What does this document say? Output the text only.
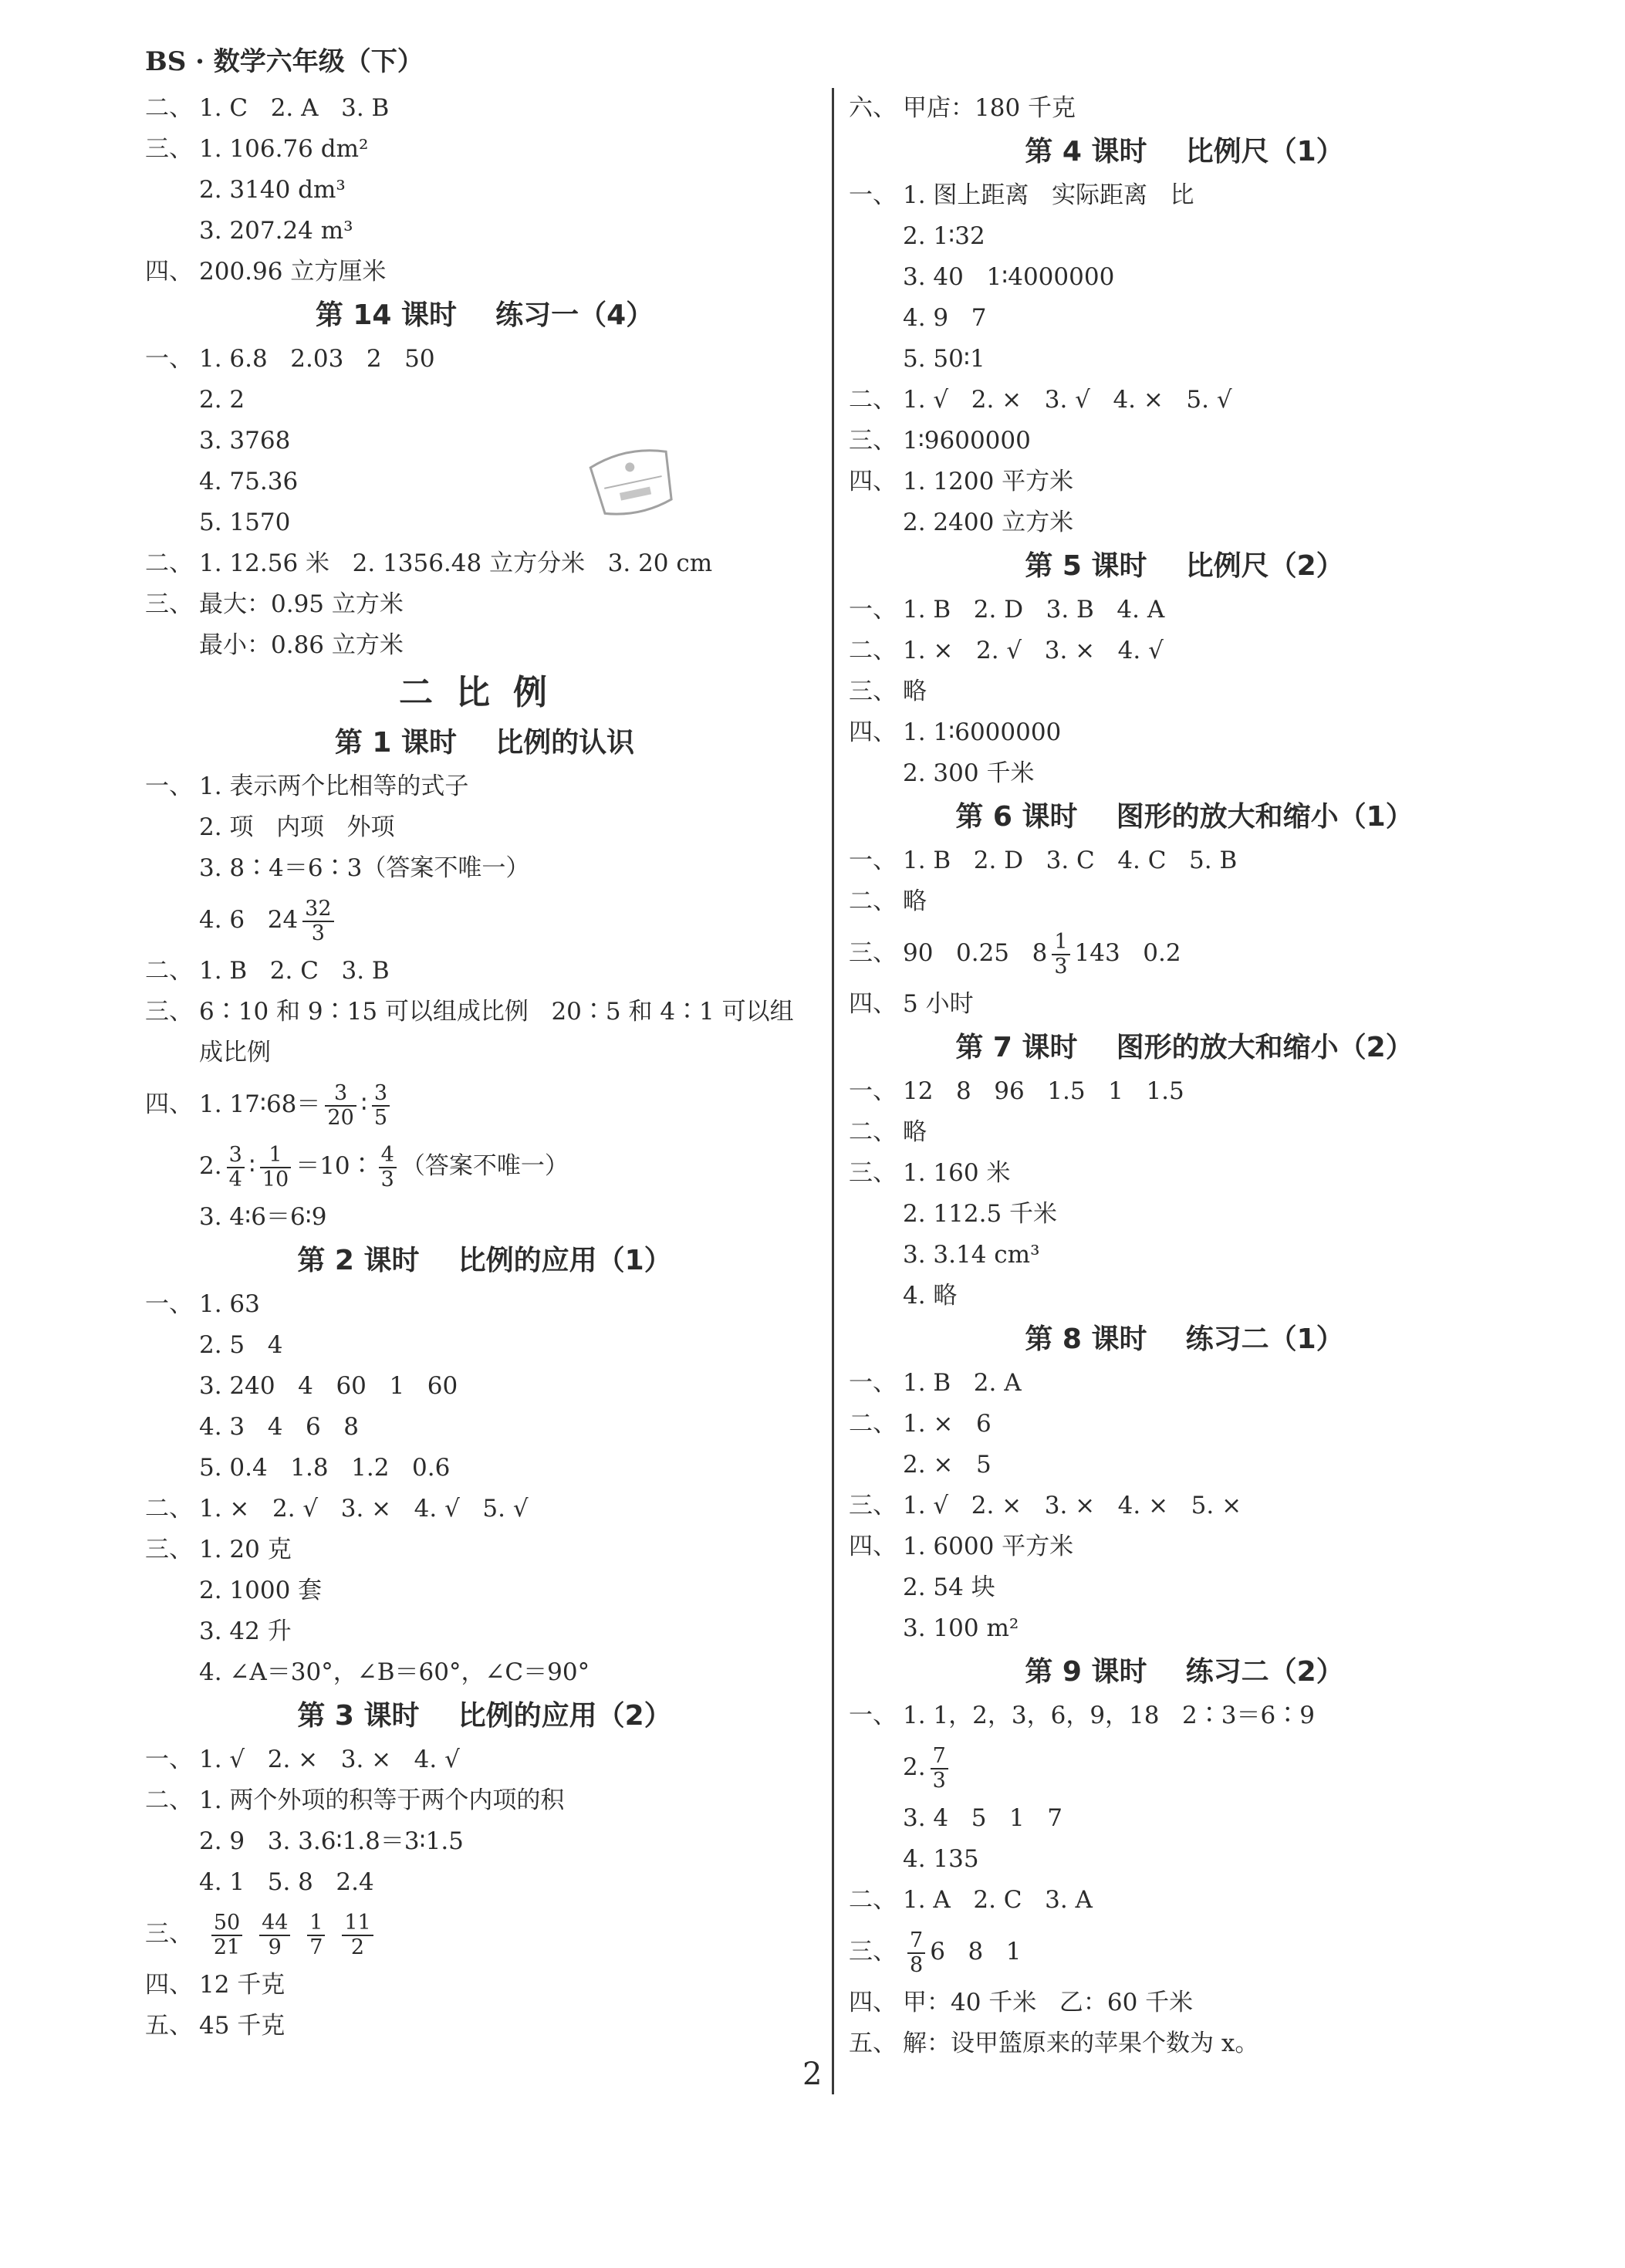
BS · 数学六年级（下）
二、 1. C   2. A   3. B
三、 1. 106.76 dm²
2. 3140 dm³
3. 207.24 m³
四、 200.96 立方厘米
第 14 课时    练习一（4）
一、 1. 6.8   2.03   2   50
2. 2
3. 3768
4. 75.36
5. 1570
二、 1. 12.56 米   2. 1356.48 立方分米   3. 20 cm
三、 最大：0.95 立方米
最小：0.86 立方米
二比例
第 1 课时    比例的认识
一、 1. 表示两个比相等的式子
2. 项   内项   外项
3. 8∶4＝6∶3（答案不唯一）
4. 6   $24 \frac{32}{3}$
二、 1. B   2. C   3. B
三、 6∶10 和 9∶15 可以组成比例   20∶5 和 4∶1 可以组
成比例
四、 1. 17∶68＝ $\frac{3}{20}$ ∶ $\frac{3}{5}$
2. $\frac{3}{4}$ ∶ $\frac{1}{10}$ ＝10∶ $\frac{4}{3}$ （答案不唯一）
3. 4∶6＝6∶9
第 2 课时    比例的应用（1）
一、 1. 63
2. 5   4
3. 240   4   60   1   60
4. 3   4   6   8
5. 0.4   1.8   1.2   0.6
二、 1. ×   2. √   3. ×   4. √   5. √
三、 1. 20 克
2. 1000 套
3. 42 升
4. ∠A＝30°，∠B＝60°，∠C＝90°
第 3 课时    比例的应用（2）
一、 1. √   2. ×   3. ×   4. √
二、 1. 两个外项的积等于两个内项的积
2. 9   3. 3.6∶1.8＝3∶1.5
4. 1   5. 8   2.4
三、 $\frac{50}{21}$
$\frac{44}{9}$
$\frac{1}{7}$
$\frac{11}{2}$
四、 12 千克
五、 45 千克
六、 甲店：180 千克
第 4 课时    比例尺（1）
一、 1. 图上距离   实际距离   比
2. 1∶32
3. 40   1∶4000000
4. 9   7
5. 50∶1
二、 1. √   2. ×   3. √   4. ×   5. √
三、 1∶9600000
四、 1. 1200 平方米
2. 2400 立方米
第 5 课时    比例尺（2）
一、 1. B   2. D   3. B   4. A
二、 1. ×   2. √   3. ×   4. √
三、 略
四、 1. 1∶6000000
2. 300 千米
第 6 课时    图形的放大和缩小（1）
一、 1. B   2. D   3. C   4. C   5. B
二、 略
三、 90   0.25   $8 \frac{1}{3} 143$   0.2
四、 5 小时
第 7 课时    图形的放大和缩小（2）
一、 12   8   96   1.5   1   1.5
二、 略
三、 1. 160 米
2. 112.5 千米
3. 3.14 cm³
4. 略
第 8 课时    练习二（1）
一、 1. B   2. A
二、 1. ×   6
2. ×   5
三、 1. √   2. ×   3. ×   4. ×   5. ×
四、 1. 6000 平方米
2. 54 块
3. 100 m²
第 9 课时    练习二（2）
一、 1. 1，2，3，6，9，18   2∶3＝6∶9
2. $\frac{7}{3}$
3. 4   5   1   7
4. 135
二、 1. A   2. C   3. A
三、 $\frac{7}{8} 6$   8   1
四、 甲：40 千米   乙：60 千米
五、 解：设甲篮原来的苹果个数为 x。
2
